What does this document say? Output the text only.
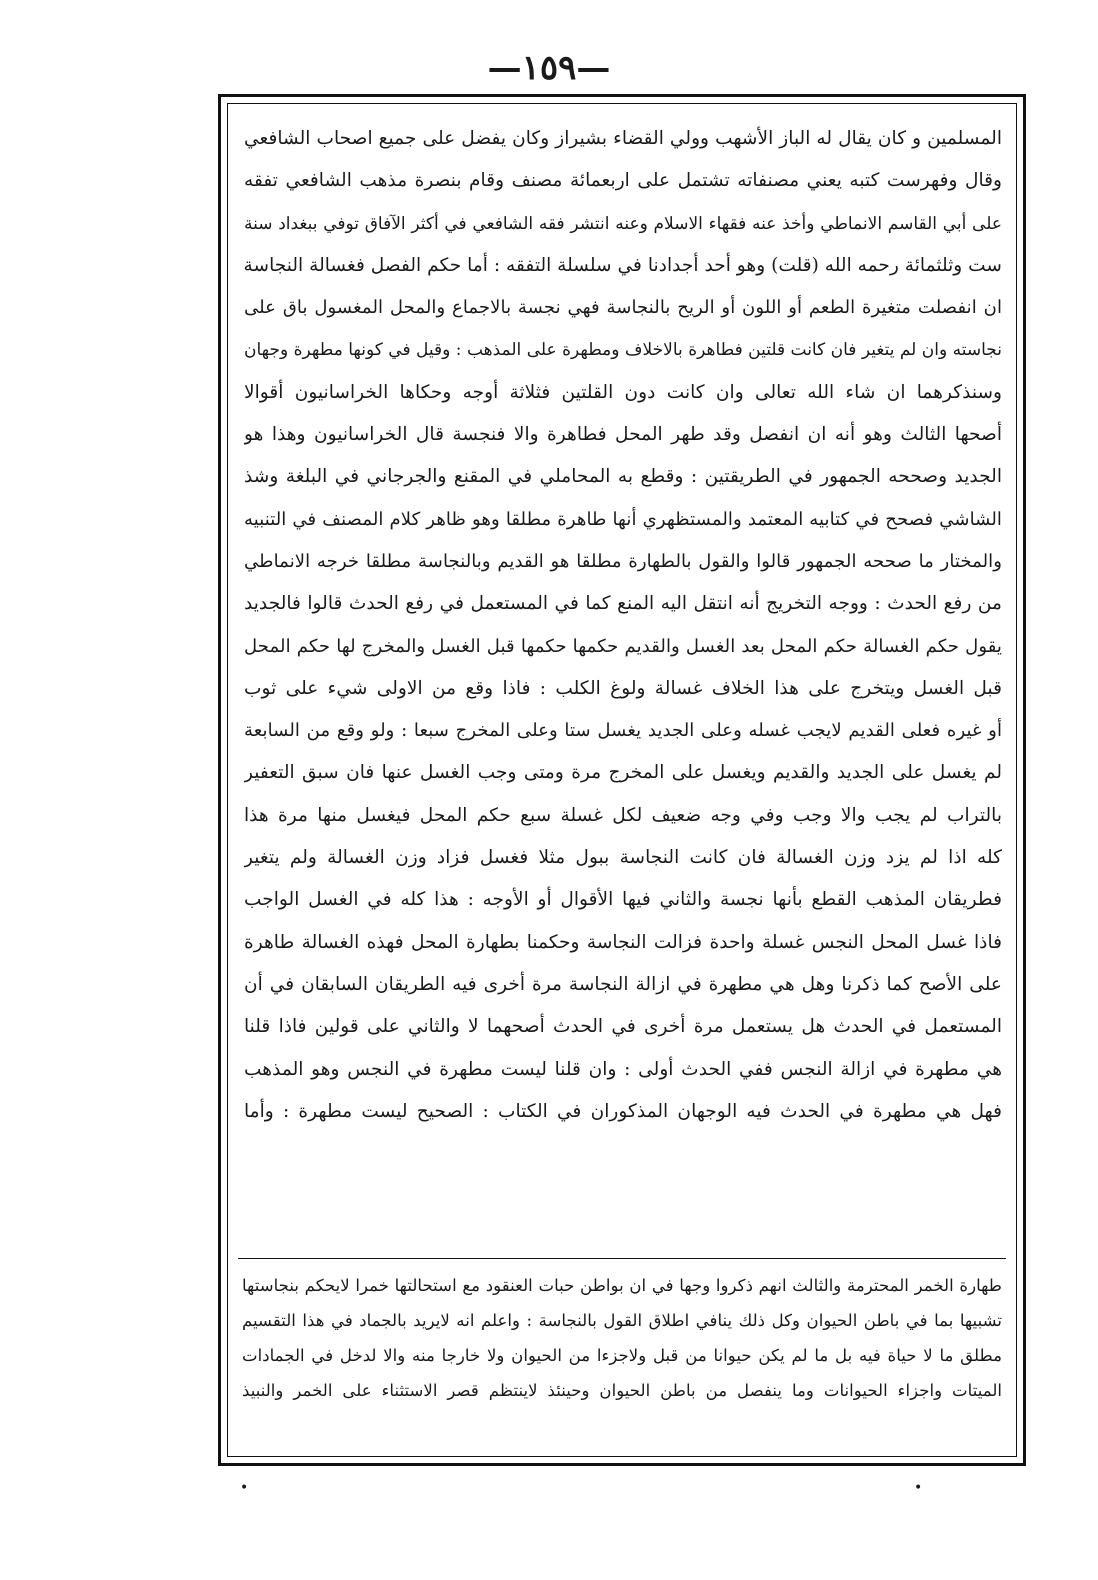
—١٥٩—
المسلمين و كان يقال له الباز الأشهب وولي القضاء بشيراز وكان يفضل على جميع اصحاب الشافعي
وقال وفهرست كتبه يعني مصنفاته تشتمل على اربعمائة مصنف وقام بنصرة مذهب الشافعي تفقه
على أبي القاسم الانماطي وأخذ عنه فقهاء الاسلام وعنه انتشر فقه الشافعي في أكثر الآفاق توفي ببغداد سنة
ست وثلثمائة رحمه الله (قلت) وهو أحد أجدادنا في سلسلة التفقه : أما حكم الفصل فغسالة النجاسة
ان انفصلت متغيرة الطعم أو اللون أو الريح بالنجاسة فهي نجسة بالاجماع والمحل المغسول باق على
نجاسته وان لم يتغير فان كانت قلتين فطاهرة بالاخلاف ومطهرة على المذهب : وقيل في كونها مطهرة وجهان
وسنذكرهما ان شاء الله تعالى وان كانت دون القلتين فثلاثة أوجه وحكاها الخراسانيون أقوالا
أصحها الثالث وهو أنه ان انفصل وقد طهر المحل فطاهرة والا فنجسة قال الخراسانيون وهذا هو
الجديد وصححه الجمهور في الطريقتين : وقطع به المحاملي في المقنع والجرجاني في البلغة وشذ
الشاشي فصحح في كتابيه المعتمد والمستظهري أنها طاهرة مطلقا وهو ظاهر كلام المصنف في التنبيه
والمختار ما صححه الجمهور قالوا والقول بالطهارة مطلقا هو القديم وبالنجاسة مطلقا خرجه الانماطي
من رفع الحدث : ووجه التخريج أنه انتقل اليه المنع كما في المستعمل في رفع الحدث قالوا فالجديد
يقول حكم الغسالة حكم المحل بعد الغسل والقديم حكمها حكمها قبل الغسل والمخرج لها حكم المحل
قبل الغسل ويتخرج على هذا الخلاف غسالة ولوغ الكلب : فاذا وقع من الاولى شيء على ثوب
أو غيره فعلى القديم لايجب غسله وعلى الجديد يغسل ستا وعلى المخرج سبعا : ولو وقع من السابعة
لم يغسل على الجديد والقديم ويغسل على المخرج مرة ومتى وجب الغسل عنها فان سبق التعفير
بالتراب لم يجب والا وجب وفي وجه ضعيف لكل غسلة سبع حكم المحل فيغسل منها مرة هذا
كله اذا لم يزد وزن الغسالة فان كانت النجاسة ببول مثلا فغسل فزاد وزن الغسالة ولم يتغير
فطريقان المذهب القطع بأنها نجسة والثاني فيها الأقوال أو الأوجه : هذا كله في الغسل الواجب
فاذا غسل المحل النجس غسلة واحدة فزالت النجاسة وحكمنا بطهارة المحل فهذه الغسالة طاهرة
على الأصح كما ذكرنا وهل هي مطهرة في ازالة النجاسة مرة أخرى فيه الطريقان السابقان في أن
المستعمل في الحدث هل يستعمل مرة أخرى في الحدث أصحهما لا والثاني على قولين فاذا قلنا
هي مطهرة في ازالة النجس ففي الحدث أولى : وان قلنا ليست مطهرة في النجس وهو المذهب
فهل هي مطهرة في الحدث فيه الوجهان المذكوران في الكتاب : الصحيح ليست مطهرة : وأما
طهارة الخمر المحترمة والثالث انهم ذكروا وجها في ان بواطن حبات العنقود مع استحالتها خمرا لايحكم بنجاستها
تشبيها بما في باطن الحيوان وكل ذلك ينافي اطلاق القول بالنجاسة : واعلم انه لايريد بالجماد في هذا التقسيم
مطلق ما لا حياة فيه بل ما لم يكن حيوانا من قبل ولاجزءا من الحيوان ولا خارجا منه والا لدخل في الجمادات
الميتات واجزاء الحيوانات وما ينفصل من باطن الحيوان وحينئذ لاينتظم قصر الاستثناء على الخمر والنبيذ
•	•
